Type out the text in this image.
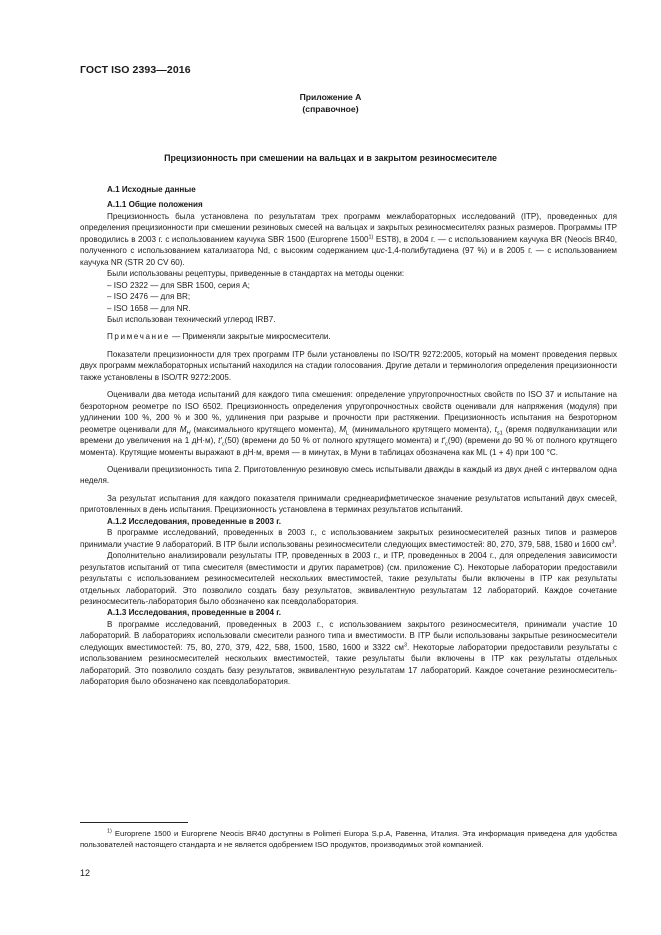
ГОСТ ISO 2393—2016
Приложение А
(справочное)
Прецизионность при смешении на вальцах и в закрытом резиносмесителе

А.1 Исходные данные

А.1.1 Общие положения

Прецизионность была установлена по результатам трех программ межлабораторных исследований (ITP), проведенных для определения прецизионности при смешении резиновых смесей на вальцах и закрытых резиносмесителях разных размеров. Программы ITP проводились в 2003 г. с использованием каучука SBR 1500 (Europrene 1500$^{1)}$ EST8), в 2004 г. — с использованием каучука BR (Neocis BR40, полученного с использованием катализатора Nd, с высоким содержанием цис-1,4-полибутадиена (97 %) и в 2005 г. — с использованием каучука NR (STR 20 CV 60).

Были использованы рецептуры, приведенные в стандартах на методы оценки:

– ISO 2322 — для SBR 1500, серия А;

– ISO 2476 — для BR;

– ISO 1658 — для NR.

Был использован технический углерод IRB7.

Примечание — Применяли закрытые микросмесители.

Показатели прецизионности для трех программ ITP были установлены по ISO/TR 9272:2005, который на момент проведения первых двух программ межлабораторных испытаний находился на стадии голосования. Другие детали и терминология определения прецизионности также установлены в ISO/TR 9272:2005.

Оценивали два метода испытаний для каждого типа смешения: определение упругопрочностных свойств по ISO 37 и испытание на безроторном реометре по ISO 6502. Прецизионность определения упругопрочностных свойств оценивали для напряжения (модуля) при удлинении 100 %, 200 % и 300 %, удлинения при разрыве и прочности при растяжении. Прецизионность испытания на безроторном реометре оценивали для $M_H$ (максимального крутящего момента), $M_L$ (минимального крутящего момента), $t_{s1}$ (время подвулканизации или времени до увеличения на 1 дН·м), $t'_c(50)$ (времени до 50 % от полного крутящего момента) и $t'_c(90)$ (времени до 90 % от полного крутящего момента). Крутящие моменты выражают в дН·м, время — в минутах, в Муни в таблицах обозначена как ML (1 + 4) при 100 °С.

Оценивали прецизионность типа 2. Приготовленную резиновую смесь испытывали дважды в каждый из двух дней с интервалом одна неделя.

За результат испытания для каждого показателя принимали среднеарифметическое значение результатов испытаний двух смесей, приготовленных в день испытания. Прецизионность установлена в терминах результатов испытаний.

А.1.2 Исследования, проведенные в 2003 г.

В программе исследований, проведенных в 2003 г., с использованием закрытых резиносмесителей разных типов и размеров принимали участие 9 лабораторий. В ITP были использованы резиносмесители следующих вместимостей: 80, 270, 379, 588, 1580 и 1600 $см^3$.

Дополнительно анализировали результаты ITP, проведенных в 2003 г., и ITP, проведенных в 2004 г., для определения зависимости результатов испытаний от типа смесителя (вместимости и других параметров) (см. приложение С). Некоторые лаборатории предоставили результаты с использованием резиносмесителей нескольких вместимостей, такие результаты были включены в ITP как результаты отдельных лабораторий. Это позволило создать базу результатов, эквивалентную результатам 12 лабораторий. Каждое сочетание резиносмеситель-лаборатория было обозначено как псевдолаборатория.

А.1.3 Исследования, проведенные в 2004 г.

В программе исследований, проведенных в 2003 г., с использованием закрытого резиносмесителя, принимали участие 10 лабораторий. В лабораториях использовали смесители разного типа и вместимости. В ITP были использованы закрытые резиносмесители следующих вместимостей: 75, 80, 270, 379, 422, 588, 1500, 1580, 1600 и 3322 $см^3$. Некоторые лаборатории предоставили результаты с использованием резиносмесителей нескольких вместимостей, такие результаты были включены в ITP как результаты отдельных лабораторий. Это позволило создать базу результатов, эквивалентную результатам 17 лабораторий. Каждое сочетание резиносмеситель-лаборатория было обозначено как псевдолаборатория.

$^{1)}$ Europrene 1500 и Europrene Neocis BR40 доступны в Polimeri Europa S.p.A, Равенна, Италия. Эта информация приведена для удобства пользователей настоящего стандарта и не является одобрением ISO продуктов, производимых этой компанией.
12
